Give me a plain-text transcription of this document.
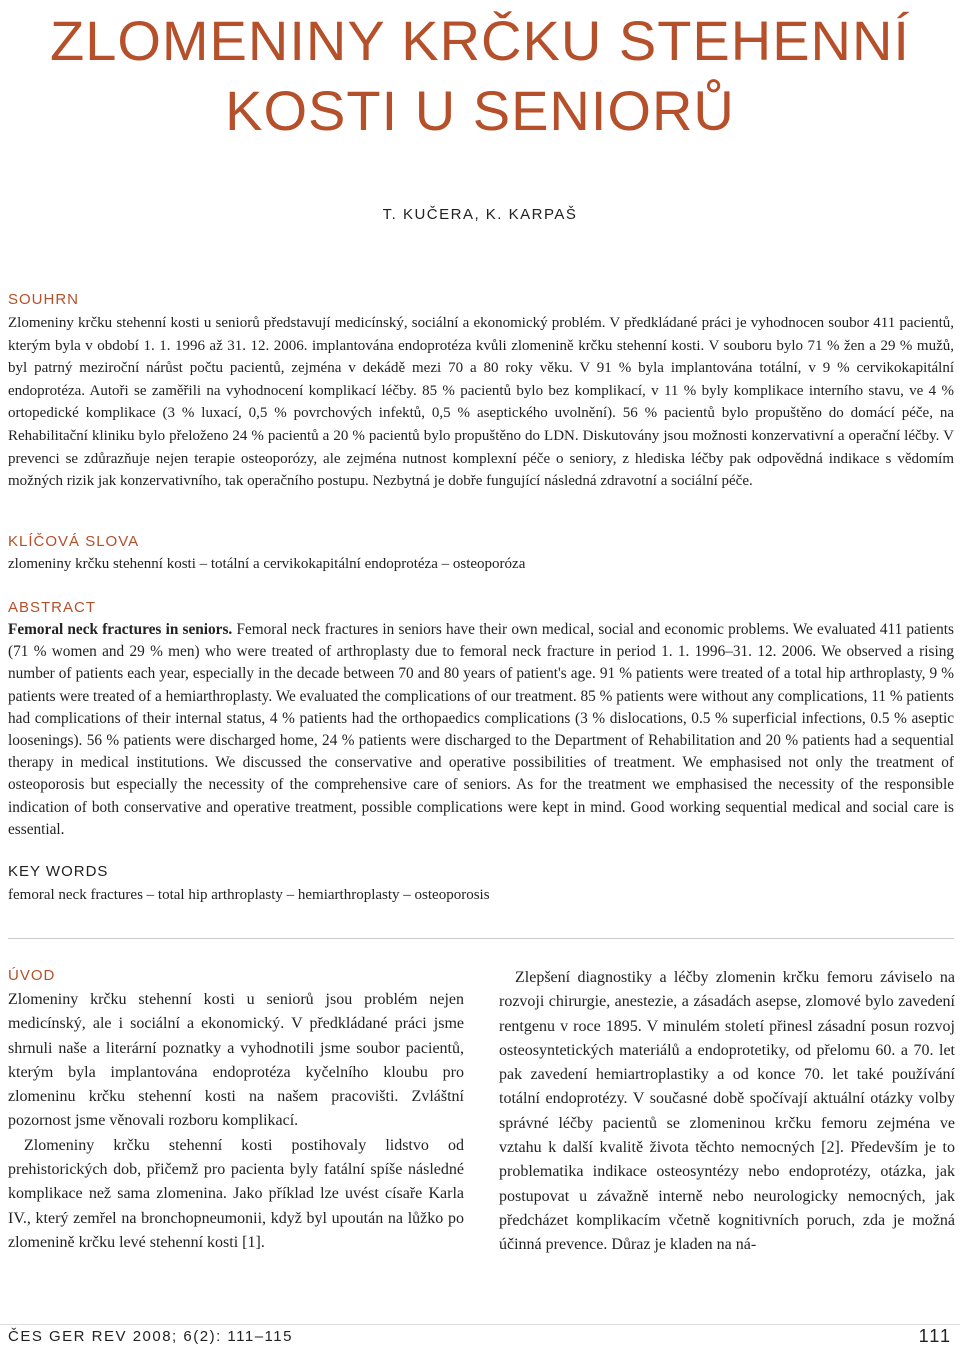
ZLOMENINY KRČKU STEHENNÍ
KOSTI U SENIORŮ
T. KUČERA, K. KARPAŠ
SOUHRN
Zlomeniny krčku stehenní kosti u seniorů představují medicínský, sociální a ekonomický problém. V předkládané práci je vyhodnocen soubor 411 pacientů, kterým byla v období 1. 1. 1996 až 31. 12. 2006. implantována endoprotéza kvůli zlomenině krčku stehenní kosti. V souboru bylo 71 % žen a 29 % mužů, byl patrný meziroční nárůst počtu pacientů, zejména v dekádě mezi 70 a 80 roky věku. V 91 % byla implantována totální, v 9 % cervikokapitální endoprotéza. Autoři se zaměřili na vyhodnocení komplikací léčby. 85 % pacientů bylo bez komplikací, v 11 % byly komplikace interního stavu, ve 4 % ortopedické komplikace (3 % luxací, 0,5 % povrchových infektů, 0,5 % aseptického uvolnění). 56 % pacientů bylo propuštěno do domácí péče, na Rehabilitační kliniku bylo přeloženo 24 % pacientů a 20 % pacientů bylo propuštěno do LDN. Diskutovány jsou možnosti konzervativní a operační léčby. V prevenci se zdůrazňuje nejen terapie osteoporózy, ale zejména nutnost komplexní péče o seniory, z hlediska léčby pak odpovědná indikace s vědomím možných rizik jak konzervativního, tak operačního postupu. Nezbytná je dobře fungující následná zdravotní a sociální péče.
KLÍČOVÁ SLOVA
zlomeniny krčku stehenní kosti – totální a cervikokapitální endoprotéza – osteoporóza
ABSTRACT
Femoral neck fractures in seniors. Femoral neck fractures in seniors have their own medical, social and economic problems. We evaluated 411 patients (71 % women and 29 % men) who were treated of arthroplasty due to femoral neck fracture in period 1. 1. 1996–31. 12. 2006. We observed a rising number of patients each year, especially in the decade between 70 and 80 years of patient's age. 91 % patients were treated of a total hip arthroplasty, 9 % patients were treated of a hemiarthroplasty. We evaluated the complications of our treatment. 85 % patients were without any complications, 11 % patients had complications of their internal status, 4 % patients had the orthopaedics complications (3 % dislocations, 0.5 % superficial infections, 0.5 % aseptic loosenings). 56 % patients were discharged home, 24 % patients were discharged to the Department of Rehabilitation and 20 % patients had a sequential therapy in medical institutions. We discussed the conservative and operative possibilities of treatment. We emphasised not only the treatment of osteoporosis but especially the necessity of the comprehensive care of seniors. As for the treatment we emphasised the necessity of the responsible indication of both conservative and operative treatment, possible complications were kept in mind. Good working sequential medical and social care is essential.
KEY WORDS
femoral neck fractures – total hip arthroplasty – hemiarthroplasty – osteoporosis
ÚVOD

Zlomeniny krčku stehenní kosti u seniorů jsou problém nejen medicínský, ale i sociální a ekonomický. V předkládané práci jsme shrnuli naše a literární poznatky a vyhodnotili jsme soubor pacientů, kterým byla implantována endoprotéza kyčelního kloubu pro zlomeninu krčku stehenní kosti na našem pracovišti. Zvláštní pozornost jsme věnovali rozboru komplikací.

Zlomeniny krčku stehenní kosti postihovaly lidstvo od prehistorických dob, přičemž pro pacienta byly fatální spíše následné komplikace než sama zlomenina. Jako příklad lze uvést císaře Karla IV., který zemřel na bronchopneumonii, když byl upoután na lůžko po zlomenině krčku levé stehenní kosti [1].

Zlepšení diagnostiky a léčby zlomenin krčku femoru záviselo na rozvoji chirurgie, anestezie, a zásadách asepse, zlomové bylo zavedení rentgenu v roce 1895. V minulém století přinesl zásadní posun rozvoj osteosyntetických materiálů a endoprotetiky, od přelomu 60. a 70. let pak zavedení hemiartroplastiky a od konce 70. let také používání totální endoprotézy. V současné době spočívají aktuální otázky volby správné léčby pacientů se zlomeninou krčku femoru zejména ve vztahu k další kvalitě života těchto nemocných [2]. Především je to problematika indikace osteosyntézy nebo endoprotézy, otázka, jak postupovat u závažně interně nebo neurologicky nemocných, jak předcházet komplikacím včetně kognitivních poruch, zda je možná účinná prevence. Důraz je kladen na ná-

ČES GER REV 2008; 6(2): 111–115	111
